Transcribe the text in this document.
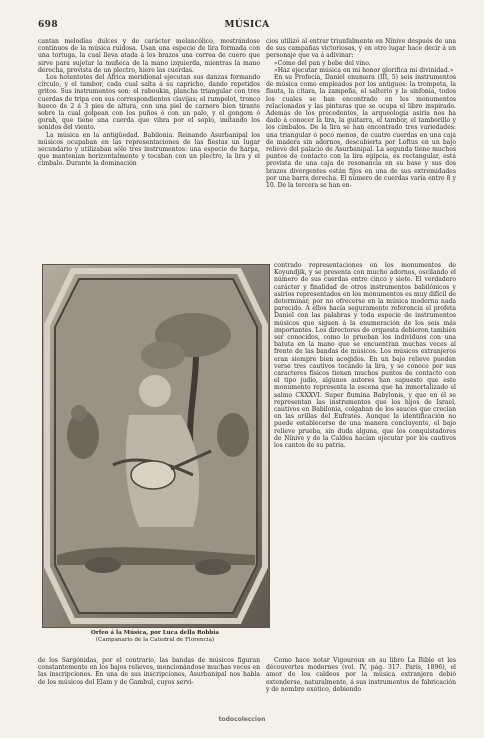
698	MÚSICA

cantan melodías dulces y de carácter melancólico, mostrándose continuos de la música ruidosa. Usan una especie de lira formada con una tortuga, la cual lleva atada á los brazos una correa de cuero que sirve para sujetar la muñeca de la mano izquierda, mientras la mano derecha, provista de un plectro, hiere las cuerdas.

Los hotentotes del África meridional ejecutan sus danzas formando círculo, y el tambor, cada cual salta á su capricho, dando repetidos gritos. Sus instrumentos son: el raboukin, plancha triangular con tres cuerdas de tripa con sus correspondientes clavijas; el rumpelot, tronco hueco de 2 á 3 pies de altura, con una piel de carnero bien tirante sobre la cual golpean con los puños ó con un palo, y el gongom ó gorah, que tiene una cuerda que vibra por el soplo, imitando los sonidos del viento.

La música en la antigüedad. Babilonia. Reinando Asurbanipal los músicos ocupaban en las representaciones de las fiestas un lugar secundario y utilizaban sólo tres instrumentos: una especie de harpa, que mantenían horizontalmente y tocaban con un plectro, la lira y el címbalo. Durante la dominación

cios utilizó al entrar triunfalmente en Nínive después de una de sus campañas victoriosas, y en otro lugar hace decir á un personaje que va á adivinar:

«Come del pan y bebe del vino.

»Haz ejecutar música en mi honor glorifica mi divinidad.»

En su Profecía, Daniel enumera (III, 5) seis instrumentos de música como empleados por los antiguos: la trompeta, la flauta, la cítara, la zampoña, el salterio y la sinfonía, todos los cuales se han encontrado en los monumentos relacionados y las pinturas que se ocupa el libro inspirado. Además de los precedentes, la arqueología asiria nos ha dado á conocer la lira, la guitarra, el tambor, el tamborillo y los címbalos. De la lira se han encontrado tres variedades: una triangular ó poco menos, de cuatro cuerdas en una caja de madera sin adornos, descubierta por Loftus en un bajo relieve del palacio de Asurbanipal. La segunda tiene muchos puntos de contacto con la lira egipcia, es rectangular, está provista de una caja de resonancia en su base y sus dos brazos divergentes están fijos en una de sus extremidades por una barra derecha. El número de cuerdas varía entre 8 y 10. De la tercera se han en-

contrado representaciones en los monumentos de Koyundjik, y se presenta con mucho adornos, oscilando el número de sus cuerdas entre cinco y siete. El verdadero carácter y finalidad de otros instrumentos babilónicos y asirios representados en los monumentos es muy difícil de determinar, por no ofrecerse en la música moderna nada parecido. A ellos hacía seguramente referencia el profeta Daniel con las palabras y toda especie de instrumentos músicos que siguen á la enumeración de los seis más importantes. Los directores de orquesta debieron también ser conocidos, como lo prueban los individuos con una batuta en la mano que se encuentran muchas veces al frente de las bandas de músicos. Los músicos extranjeros eran siempre bien acogidos. En un bajo relieve pueden verse tres cautivos tocando la lira, y se conoce por sus caracteres físicos tienen muchos puntos de contacto con el tipo judío, algunos autores han supuesto que este monumento representa la escena que ha inmortalizado el salmo CXXXVI. Super flumina Babylonis, y que en él se representan las instrumentos que los hijos de Israel, cautivos en Babilonia, colgaban de los sauces que crecían en las orillas del Eufrates. Aunque la identificación no puede establecerse de una manera concluyente, el bajo relieve prueba, sin duda alguna, que los conquistadores de Nínive y de la Caldea hacían ejecutar por los cautivos los cantos de su patria.

Orfeo á la Música, por Luca della Robbia
(Campanario de la Catedral de Florencia)

de los Sargónidas, por el contrario, las bandas de músicos figuran constantemente en los bajos relieves, mencionándose muchas veces en las inscripciones. En una de sus inscripciones, Asurbanipal nos habla de los músicos del Elam y de Gambul, cuyos servi-

Como hace notar Vigouroux en su libro La Bible et les découvertes modernes (vol. IV, pág. 317. París, 1896), el amor de los caldeos por la música extranjera debió extenderse, naturalmente, á sus instrumentos de fabricación y de nombre exótico, debiendo

todocoleccion
